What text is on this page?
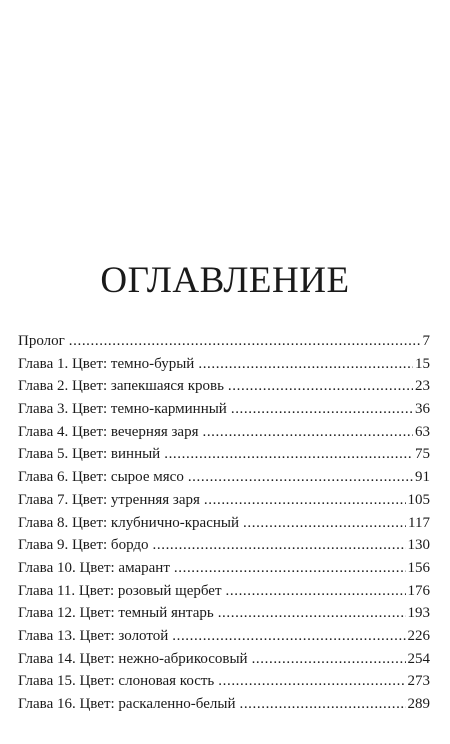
ОГЛАВЛЕНИЕ
Пролог .....	7
Глава 1. Цвет: темно-бурый .....	15
Глава 2. Цвет: запекшаяся кровь .....	23
Глава 3. Цвет: темно-карминный .....	36
Глава 4. Цвет: вечерняя заря .....	63
Глава 5. Цвет: винный .....	75
Глава 6. Цвет: сырое мясо .....	91
Глава 7. Цвет: утренняя заря .....	105
Глава 8. Цвет: клубнично-красный .....	117
Глава 9. Цвет: бордо .....	130
Глава 10. Цвет: амарант .....	156
Глава 11. Цвет: розовый щербет .....	176
Глава 12. Цвет: темный янтарь .....	193
Глава 13. Цвет: золотой .....	226
Глава 14. Цвет: нежно-абрикосовый .....	254
Глава 15. Цвет: слоновая кость .....	273
Глава 16. Цвет: раскаленно-белый .....	289
